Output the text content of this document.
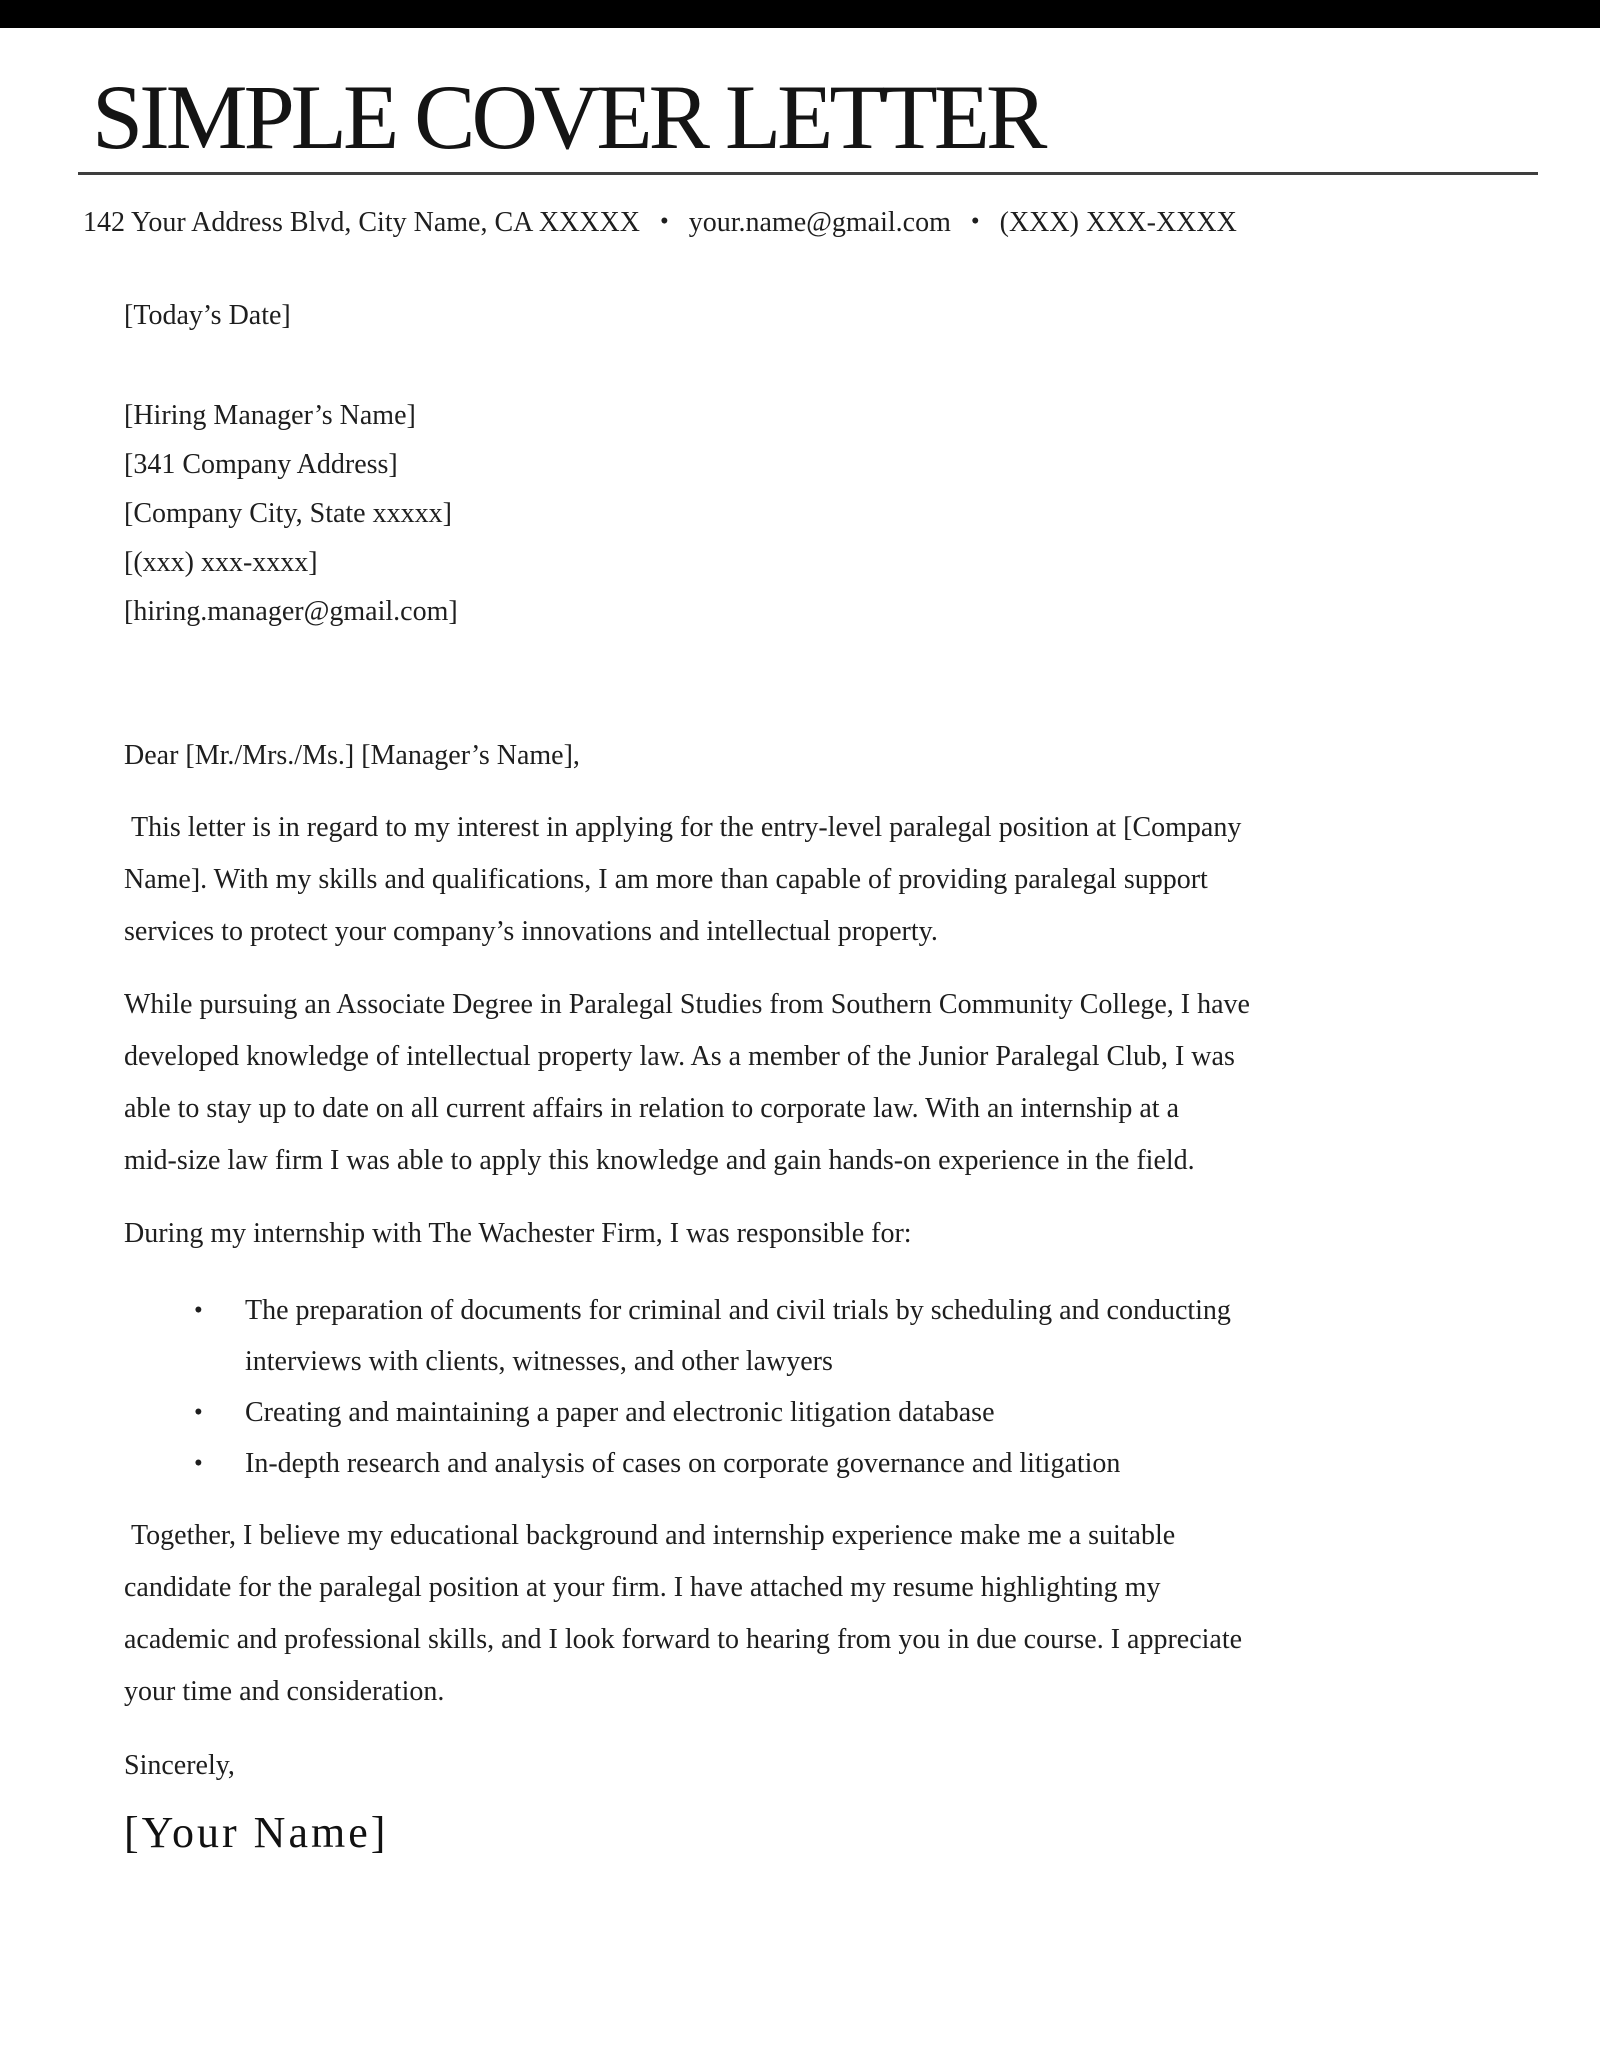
SIMPLE COVER LETTER
142 Your Address Blvd, City Name, CA XXXXX • your.name@gmail.com • (XXX) XXX-XXXX
[Today’s Date]
[Hiring Manager’s Name]
[341 Company Address]
[Company City, State xxxxx]
[(xxx) xxx-xxxx]
[hiring.manager@gmail.com]
Dear [Mr./Mrs./Ms.] [Manager’s Name],
This letter is in regard to my interest in applying for the entry-level paralegal position at [Company
Name]. With my skills and qualifications, I am more than capable of providing paralegal support
services to protect your company’s innovations and intellectual property.
While pursuing an Associate Degree in Paralegal Studies from Southern Community College, I have
developed knowledge of intellectual property law. As a member of the Junior Paralegal Club, I was
able to stay up to date on all current affairs in relation to corporate law. With an internship at a
mid-size law firm I was able to apply this knowledge and gain hands-on experience in the field.
During my internship with The Wachester Firm, I was responsible for:
• The preparation of documents for criminal and civil trials by scheduling and conducting
interviews with clients, witnesses, and other lawyers
• Creating and maintaining a paper and electronic litigation database
• In-depth research and analysis of cases on corporate governance and litigation
Together, I believe my educational background and internship experience make me a suitable
candidate for the paralegal position at your firm. I have attached my resume highlighting my
academic and professional skills, and I look forward to hearing from you in due course. I appreciate
your time and consideration.
Sincerely,
[Your Name]
